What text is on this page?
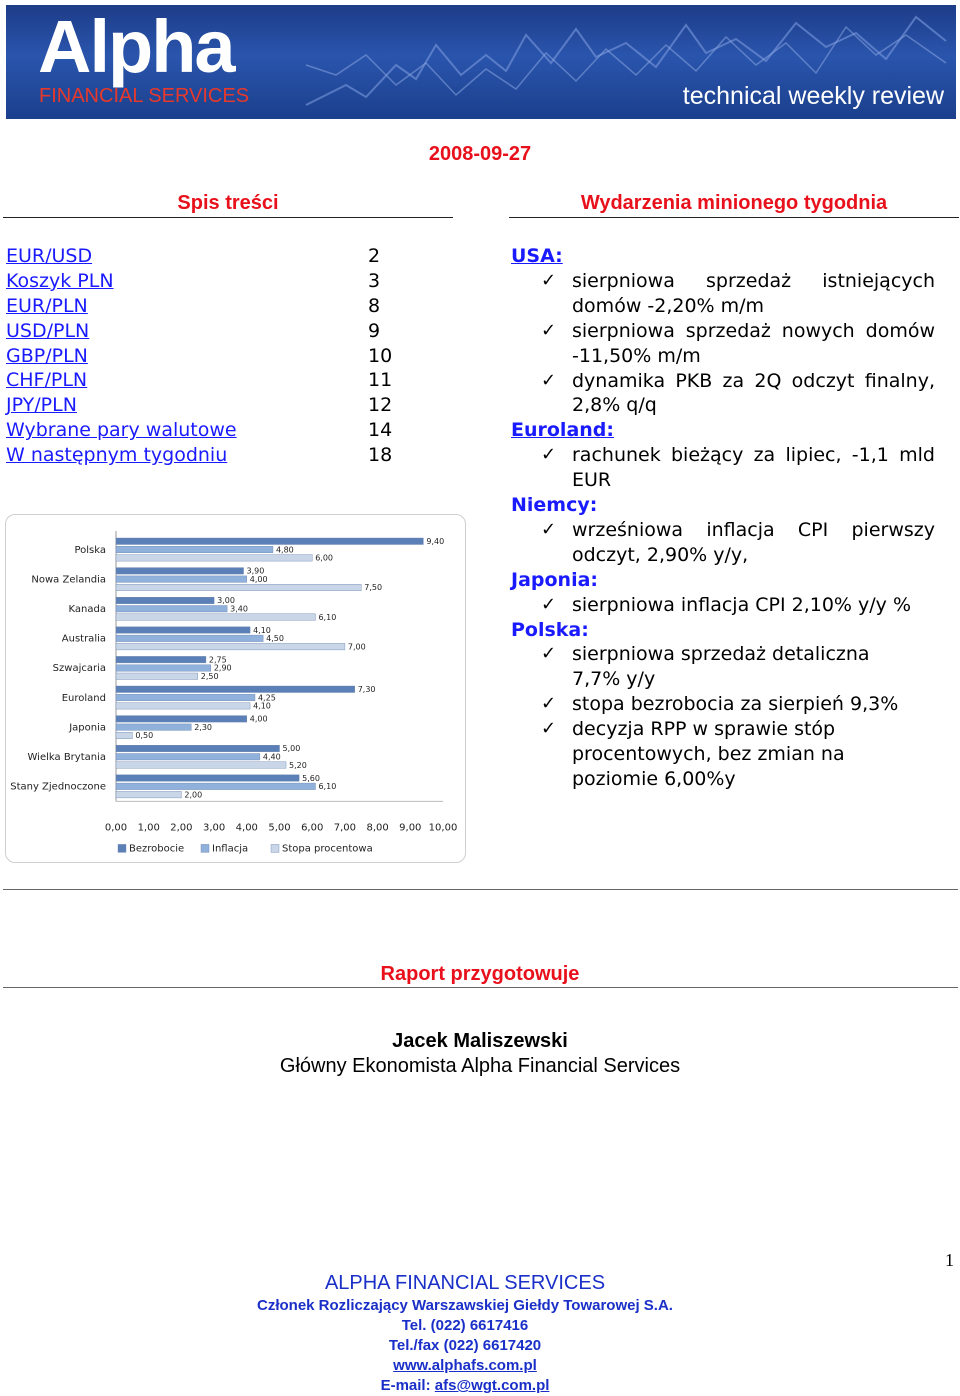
Alpha
FINANCIAL SERVICES	technical weekly review
2008-09-27
Spis treści	Wydarzenia minionego tygodnia
EUR/USD	2
Koszyk PLN	3
EUR/PLN	8
USD/PLN	9
GBP/PLN	10
CHF/PLN	11
JPY/PLN	12
Wybrane pary walutowe	14
W następnym tygodniu	18
USA:
✓ sierpniowa sprzedaż istniejących domów -2,20% m/m
✓ sierpniowa sprzedaż nowych domów -11,50% m/m
✓ dynamika PKB za 2Q odczyt finalny, 2,8% q/q
Euroland:
✓ rachunek bieżący za lipiec, -1,1 mld EUR
Niemcy:
✓ wrześniowa inflacja CPI pierwszy odczyt, 2,90% y/y,
Japonia:
✓ sierpniowa inflacja CPI 2,10% y/y %
Polska:
✓ sierpniowa sprzedaż detaliczna 7,7% y/y
✓ stopa bezrobocia za sierpień 9,3%
✓ decyzja RPP w sprawie stóp procentowych, bez zmian na poziomie 6,00%y
Polska
6,00
4,80
9,40
Nowa Zelandia
7,50
4,00
3,90
Kanada
6,10
3,40
3,00
Australia
7,00
4,50
4,10
Szwajcaria
2,50
2,90
2,75
Euroland
4,10
4,25
7,30
Japonia
0,50
2,30
4,00
Wielka Brytania
5,20
4,40
5,00
Stany Zjednoczone
2,00
6,10
5,60
0,00 1,00 2,00 3,00 4,00 5,00 6,00 7,00 8,00 9,00 10,00
Bezrobocie	Inflacja	Stopa procentowa
Raport przygotowuje
Jacek Maliszewski
Główny Ekonomista Alpha Financial Services
1
ALPHA FINANCIAL SERVICES
Członek Rozliczający Warszawskiej Giełdy Towarowej S.A.
Tel. (022) 6617416
Tel./fax (022) 6617420
www.alphafs.com.pl
E-mail: afs@wgt.com.pl
